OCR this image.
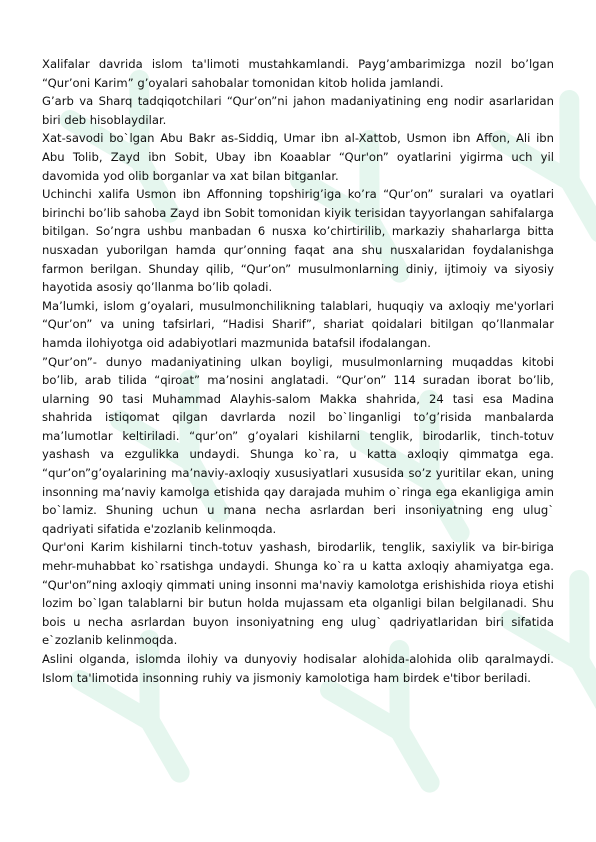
Xalifalar davrida islom ta'limoti mustahkamlandi. Payg’ambarimizga nozil bo’lgan “Qur’oni Karim” g’oyalari sahobalar tomonidan kitob holida jamlandi.

G’arb va Sharq tadqiqotchilari “Qur’on”ni jahon madaniyatining eng nodir asarlaridan biri deb hisoblaydilar.

Xat-savodi bo`lgan Abu Bakr as-Siddiq, Umar ibn al-Xattob, Usmon ibn Affon, Ali ibn Abu Tolib, Zayd ibn Sobit, Ubay ibn Koaablar “Qur'on” oyatlarini yigirma uch yil davomida yod olib borganlar va xat bilan bitganlar.

Uchinchi xalifa Usmon ibn Affonning topshirig’iga ko’ra “Qur’on” suralari va oyatlari birinchi bo’lib sahoba Zayd ibn Sobit tomonidan kiyik terisidan tayyorlangan sahifalarga bitilgan. So’ngra ushbu manbadan 6 nusxa ko’chirtirilib, markaziy shaharlarga bitta nusxadan yuborilgan hamda qur’onning faqat ana shu nusxalaridan foydalanishga farmon berilgan. Shunday qilib, “Qur’on” musulmonlarning diniy, ijtimoiy va siyosiy hayotida asosiy qo’llanma bo’lib qoladi.

Ma’lumki, islom g’oyalari, musulmonchilikning talablari, huquqiy va axloqiy me'yorlari “Qur’on” va uning tafsirlari, “Hadisi Sharif”, shariat qoidalari bitilgan qo’llanmalar hamda ilohiyotga oid adabiyotlari mazmunida batafsil ifodalangan.

”Qur’on”- dunyo madaniyatining ulkan boyligi, musulmonlarning muqaddas kitobi bo’lib, arab tilida “qiroat” ma’nosini anglatadi. “Qur’on” 114 suradan iborat bo’lib, ularning 90 tasi Muhammad Alayhis-salom Makka shahrida, 24 tasi esa Madina shahrida istiqomat qilgan davrlarda nozil bo`linganligi to’g’risida manbalarda ma’lumotlar keltiriladi. “qur’on” g’oyalari kishilarni tenglik, birodarlik, tinch-totuv yashash va ezgulikka undaydi. Shunga ko`ra, u katta axloqiy qimmatga ega. “qur’on”g’oyalarining ma’naviy-axloqiy xususiyatlari xususida so’z yuritilar ekan, uning insonning ma’naviy kamolga etishida qay darajada muhim o`ringa ega ekanligiga amin bo`lamiz. Shuning uchun u mana necha asrlardan beri insoniyatning eng ulug` qadriyati sifatida e'zozlanib kelinmoqda.

Qur'oni Karim kishilarni tinch-totuv yashash, birodarlik, tenglik, saxiylik va bir-biriga mehr-muhabbat ko`rsatishga undaydi. Shunga ko`ra u katta axloqiy ahamiyatga ega. “Qur'on”ning axloqiy qimmati uning insonni ma'naviy kamolotga erishishida rioya etishi lozim bo`lgan talablarni bir butun holda mujassam eta olganligi bilan belgilanadi. Shu bois u necha asrlardan buyon insoniyatning eng ulug` qadriyatlaridan biri sifatida e`zozlanib kelinmoqda.

Aslini olganda, islomda ilohiy va dunyoviy hodisalar alohida-alohida olib qaralmaydi. Islom ta'limotida insonning ruhiy va jismoniy kamolotiga ham birdek e'tibor beriladi.
